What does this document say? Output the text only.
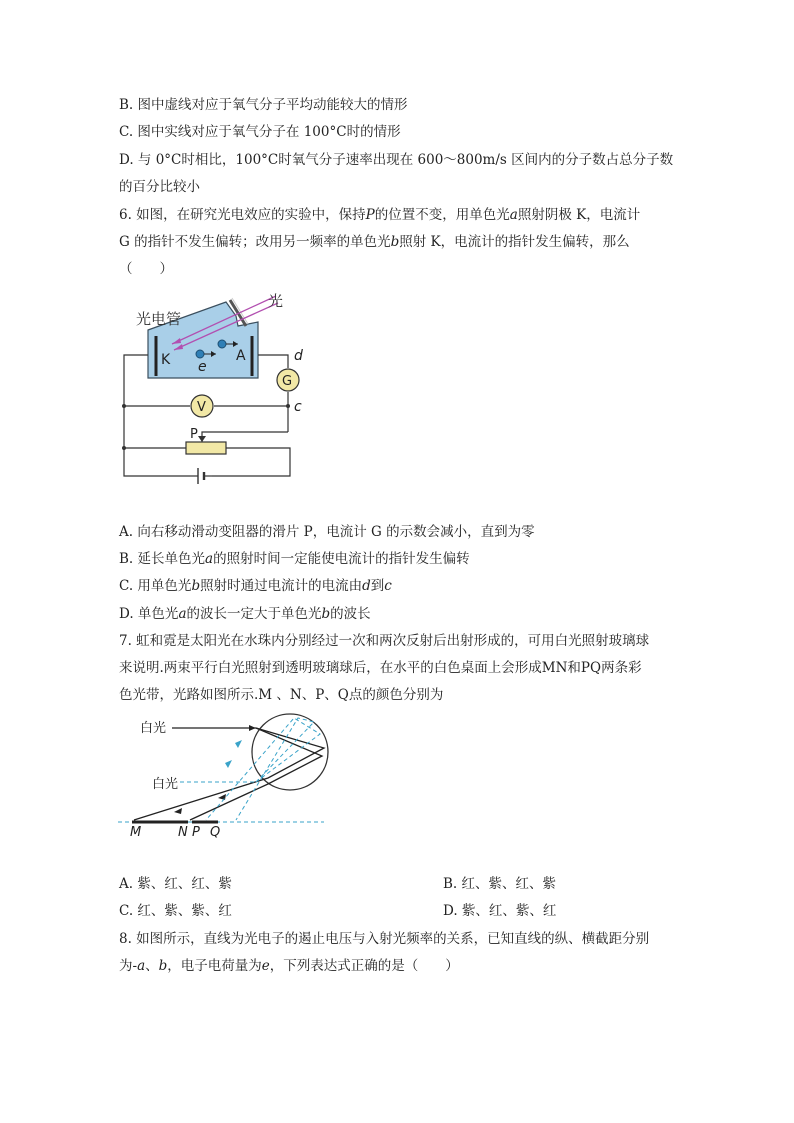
B. 图中虚线对应于氧气分子平均动能较大的情形
C. 图中实线对应于氧气分子在 100°C时的情形
D. 与 0°C时相比，100°C时氧气分子速率出现在 600～800m/s 区间内的分子数占总分子数
的百分比较小
6. 如图，在研究光电效应的实验中，保持P的位置不变，用单色光a照射阴极 K，电流计
G 的指针不发生偏转；改用另一频率的单色光b照射 K，电流计的指针发生偏转，那么
（　　）
光电管
光
K	A
e
G
V
P
d
c
A. 向右移动滑动变阻器的滑片 P，电流计 G 的示数会减小，直到为零
B. 延长单色光a的照射时间一定能使电流计的指针发生偏转
C. 用单色光b照射时通过电流计的电流由d到c
D. 单色光a的波长一定大于单色光b的波长
7. 虹和霓是太阳光在水珠内分别经过一次和两次反射后出射形成的，可用白光照射玻璃球
来说明.两束平行白光照射到透明玻璃球后，在水平的白色桌面上会形成MN和PQ两条彩
色光带，光路如图所示.M 、N、P、Q点的颜色分别为
白光
白光
M	N P Q
A. 紫、红、红、紫	B. 红、紫、红、紫
C. 红、紫、紫、红	D. 紫、红、紫、红
8. 如图所示，直线为光电子的遏止电压与入射光频率的关系，已知直线的纵、横截距分别
为-a、b，电子电荷量为e，下列表达式正确的是（　　）
